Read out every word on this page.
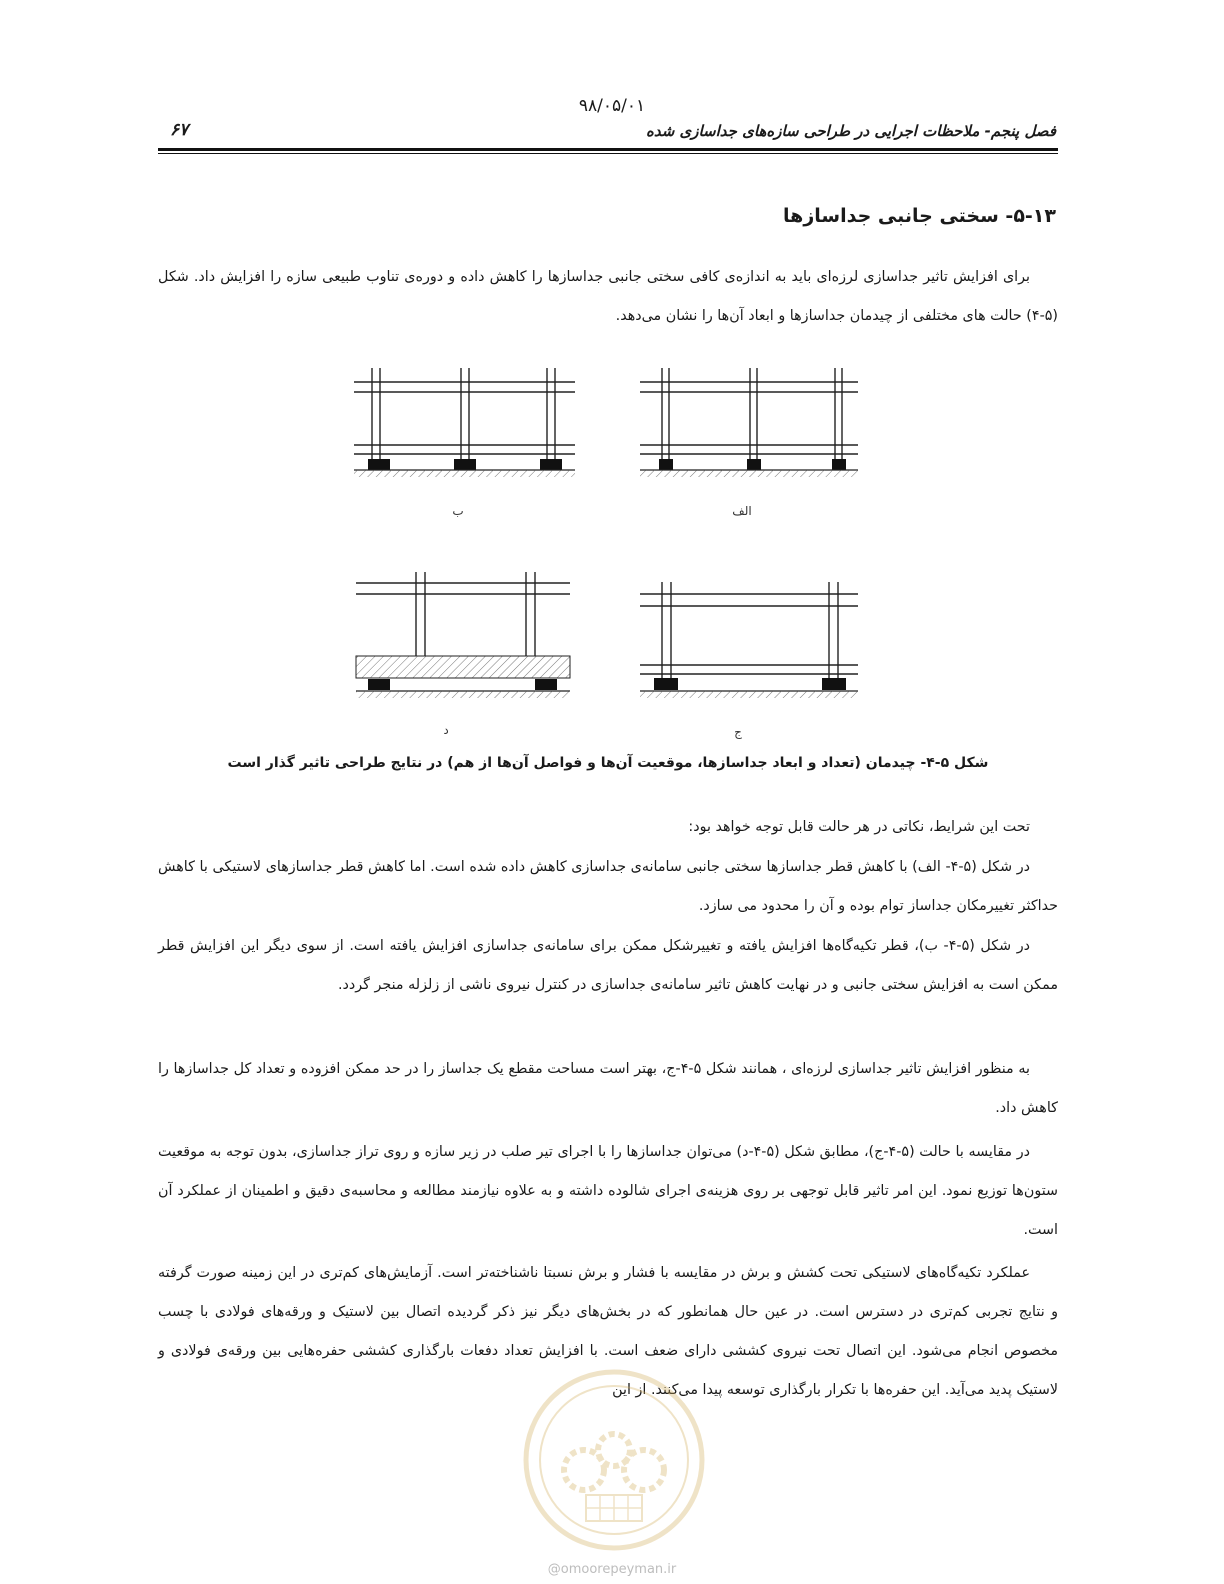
۹۸/۰۵/۰۱
فصل پنجم- ملاحظات اجرایی در طراحی سازه‌های جداسازی شده
۶۷
۵-۱۳- سختی جانبی جداسازها

برای افزایش تاثیر جداسازی لرزه‌ای باید به اندازه‌ی کافی سختی جانبی جداسازها را کاهش داده و دوره‌ی تناوب طبیعی سازه را افزایش داد. شکل (۵-۴) حالت های مختلفی از چیدمان جداسازها و ابعاد آن‌ها را نشان می‌دهد.

ب	الف
د	ج
شکل ۵-۴- چیدمان (تعداد و ابعاد جداسازها، موقعیت آن‌ها و فواصل آن‌ها از هم) در نتایج طراحی تاثیر گذار است

تحت این شرایط، نکاتی در هر حالت قابل توجه خواهد بود:

در شکل (۵-۴- الف) با کاهش قطر جداسازها سختی جانبی سامانه‌ی جداسازی کاهش داده شده است. اما کاهش قطر جداسازهای لاستیکی با کاهش حداکثر تغییرمکان جداساز توام بوده و آن را محدود می سازد.

در شکل (۵-۴- ب)، قطر تکیه‌گاه‌ها افزایش یافته و تغییرشکل ممکن برای سامانه‌ی جداسازی افزایش یافته است. از سوی دیگر این افزایش قطر ممکن است به افزایش سختی جانبی و در نهایت کاهش تاثیر سامانه‌ی جداسازی در کنترل نیروی ناشی از زلزله منجر گردد.

به منظور افزایش تاثیر جداسازی لرزه‌ای ، همانند شکل ۵-۴-ج، بهتر است مساحت مقطع یک جداساز را در حد ممکن افزوده و تعداد کل جداسازها را کاهش داد.

در مقایسه با حالت (۵-۴-ج)، مطابق شکل (۵-۴-د) می‌توان جداسازها را با اجرای تیر صلب در زیر سازه و روی تراز جداسازی، بدون توجه به موقعیت ستون‌ها توزیع نمود. این امر تاثیر قابل توجهی بر روی هزینه‌ی اجرای شالوده داشته و به علاوه نیازمند مطالعه و محاسبه‌ی دقیق و اطمینان از عملکرد آن است.

عملکرد تکیه‌گاه‌های لاستیکی تحت کشش و برش در مقایسه با فشار و برش نسبتا ناشناخته‌تر است. آزمایش‌های کم‌تری در این زمینه صورت گرفته و نتایج تجربی کم‌تری در دسترس است. در عین حال همانطور که در بخش‌های دیگر نیز ذکر گردیده اتصال بین لاستیک و ورقه‌های فولادی با چسب مخصوص انجام می‌شود. این اتصال تحت نیروی کششی دارای ضعف است. با افزایش تعداد دفعات بارگذاری کششی حفره‌هایی بین ورقه‌ی فولادی و لاستیک پدید می‌آید. این حفره‌ها با تکرار بارگذاری توسعه پیدا می‌کنند. از این

@omoorepeyman.ir
